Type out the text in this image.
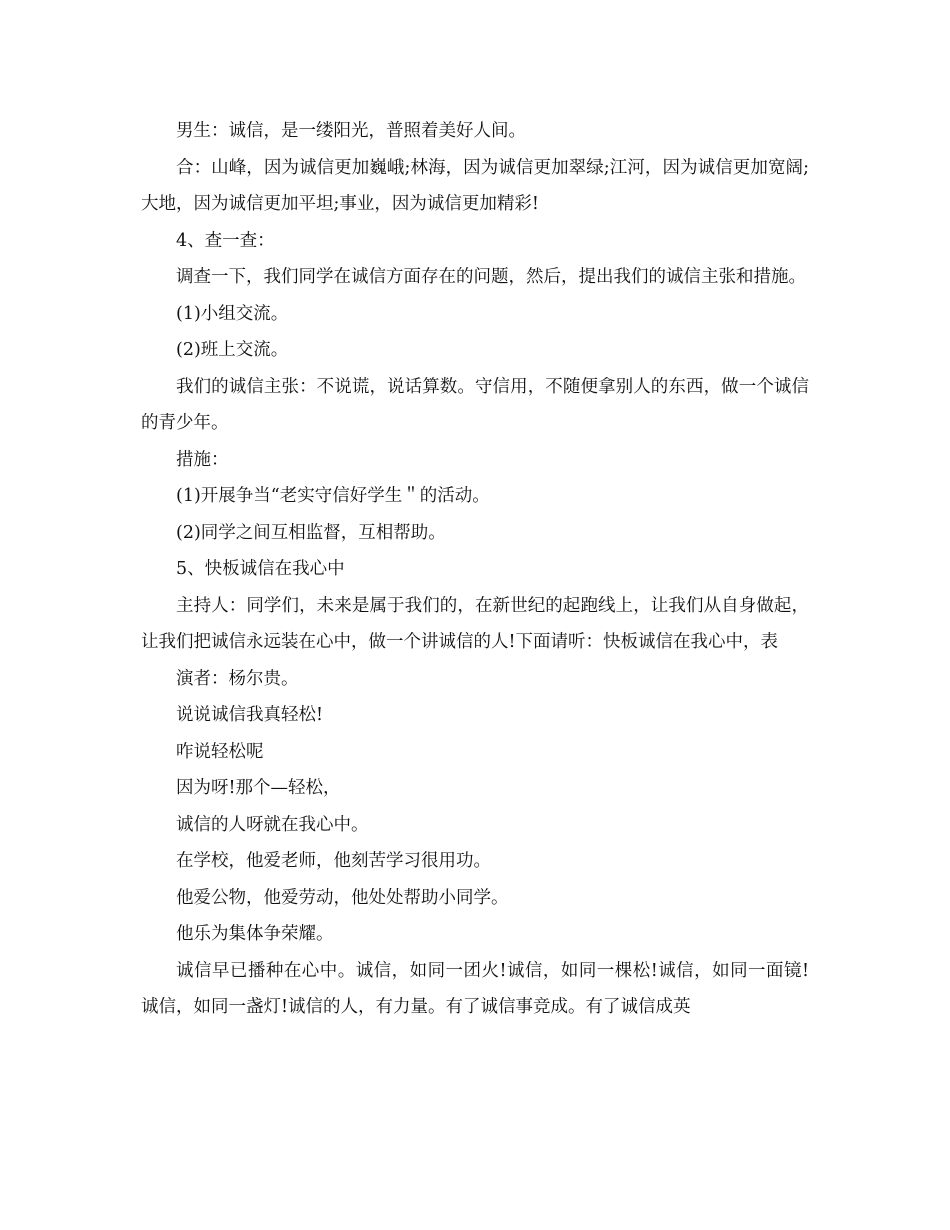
男生：诚信，是一缕阳光，普照着美好人间。

合：山峰，因为诚信更加巍峨;林海，因为诚信更加翠绿;江河，因为诚信更加宽阔;大地，因为诚信更加平坦;事业，因为诚信更加精彩!

4、查一查：

调查一下，我们同学在诚信方面存在的问题，然后，提出我们的诚信主张和措施。

(1)小组交流。

(2)班上交流。

我们的诚信主张：不说谎，说话算数。守信用，不随便拿别人的东西，做一个诚信的青少年。

措施：

(1)开展争当“老实守信好学生＂的活动。

(2)同学之间互相监督，互相帮助。

5、快板诚信在我心中

主持人：同学们，未来是属于我们的，在新世纪的起跑线上，让我们从自身做起，让我们把诚信永远装在心中，做一个讲诚信的人!下面请听：快板诚信在我心中，表

演者：杨尔贵。

说说诚信我真轻松!

咋说轻松呢

因为呀!那个—轻松，

诚信的人呀就在我心中。

在学校，他爱老师，他刻苦学习很用功。

他爱公物，他爱劳动，他处处帮助小同学。

他乐为集体争荣耀。

诚信早已播种在心中。诚信，如同一团火!诚信，如同一棵松!诚信，如同一面镜! 诚信，如同一盏灯!诚信的人，有力量。有了诚信事竞成。有了诚信成英
